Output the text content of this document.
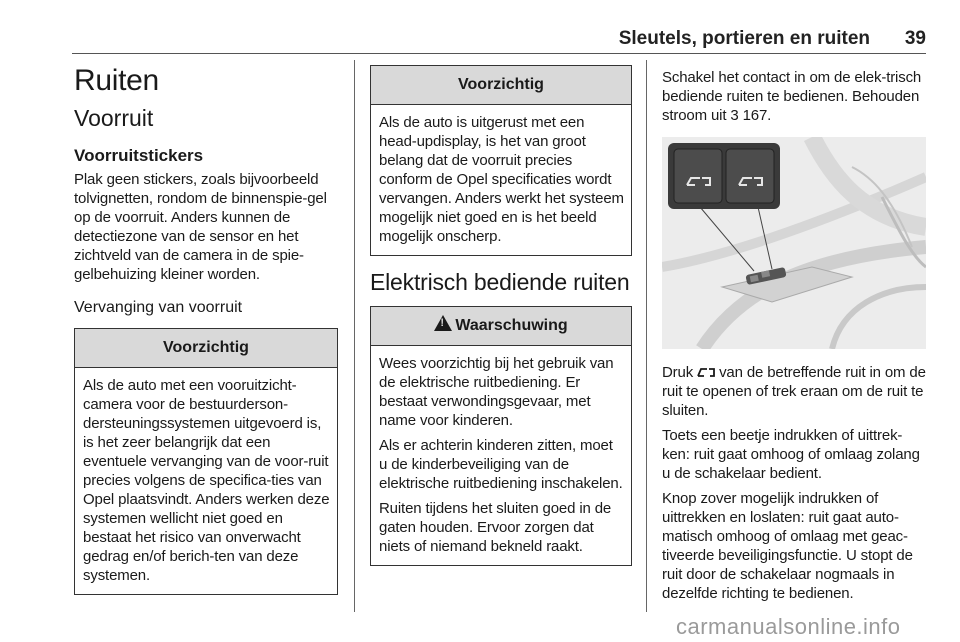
Sleutels, portieren en ruiten 39
Ruiten
Voorruit
Voorruitstickers

Plak geen stickers, zoals bijvoorbeeld tolvignetten, rondom de binnenspie-gel op de voorruit. Anders kunnen de detectiezone van de sensor en het zichtveld van de camera in de spie-gelbehuizing kleiner worden.

Vervanging van voorruit
Voorzichtig

Als de auto met een vooruitzicht-camera voor de bestuurderson-dersteuningssystemen uitgevoerd is, is het zeer belangrijk dat een eventuele vervanging van de voor-ruit precies volgens de specifica-ties van Opel plaatsvindt. Anders werken deze systemen wellicht niet goed en bestaat het risico van onverwacht gedrag en/of berich-ten van deze systemen.

Voorzichtig

Als de auto is uitgerust met een head-updisplay, is het van groot belang dat de voorruit precies conform de Opel specificaties wordt vervangen. Anders werkt het systeem mogelijk niet goed en is het beeld mogelijk onscherp.

Elektrisch bediende ruiten
!Waarschuwing

Wees voorzichtig bij het gebruik van de elektrische ruitbediening. Er bestaat verwondingsgevaar, met name voor kinderen.

Als er achterin kinderen zitten, moet u de kinderbeveiliging van de elektrische ruitbediening inschakelen.

Ruiten tijdens het sluiten goed in de gaten houden. Ervoor zorgen dat niets of niemand bekneld raakt.

Schakel het contact in om de elek-trisch bediende ruiten te bedienen. Behouden stroom uit 3 167.

Druk van de betreffende ruit in om de ruit te openen of trek eraan om de ruit te sluiten.

Toets een beetje indrukken of uittrek-ken: ruit gaat omhoog of omlaag zolang u de schakelaar bedient.

Knop zover mogelijk indrukken of uittrekken en loslaten: ruit gaat auto-matisch omhoog of omlaag met geac-tiveerde beveiligingsfunctie. U stopt de ruit door de schakelaar nogmaals in dezelfde richting te bedienen.

carmanualsonline.info
